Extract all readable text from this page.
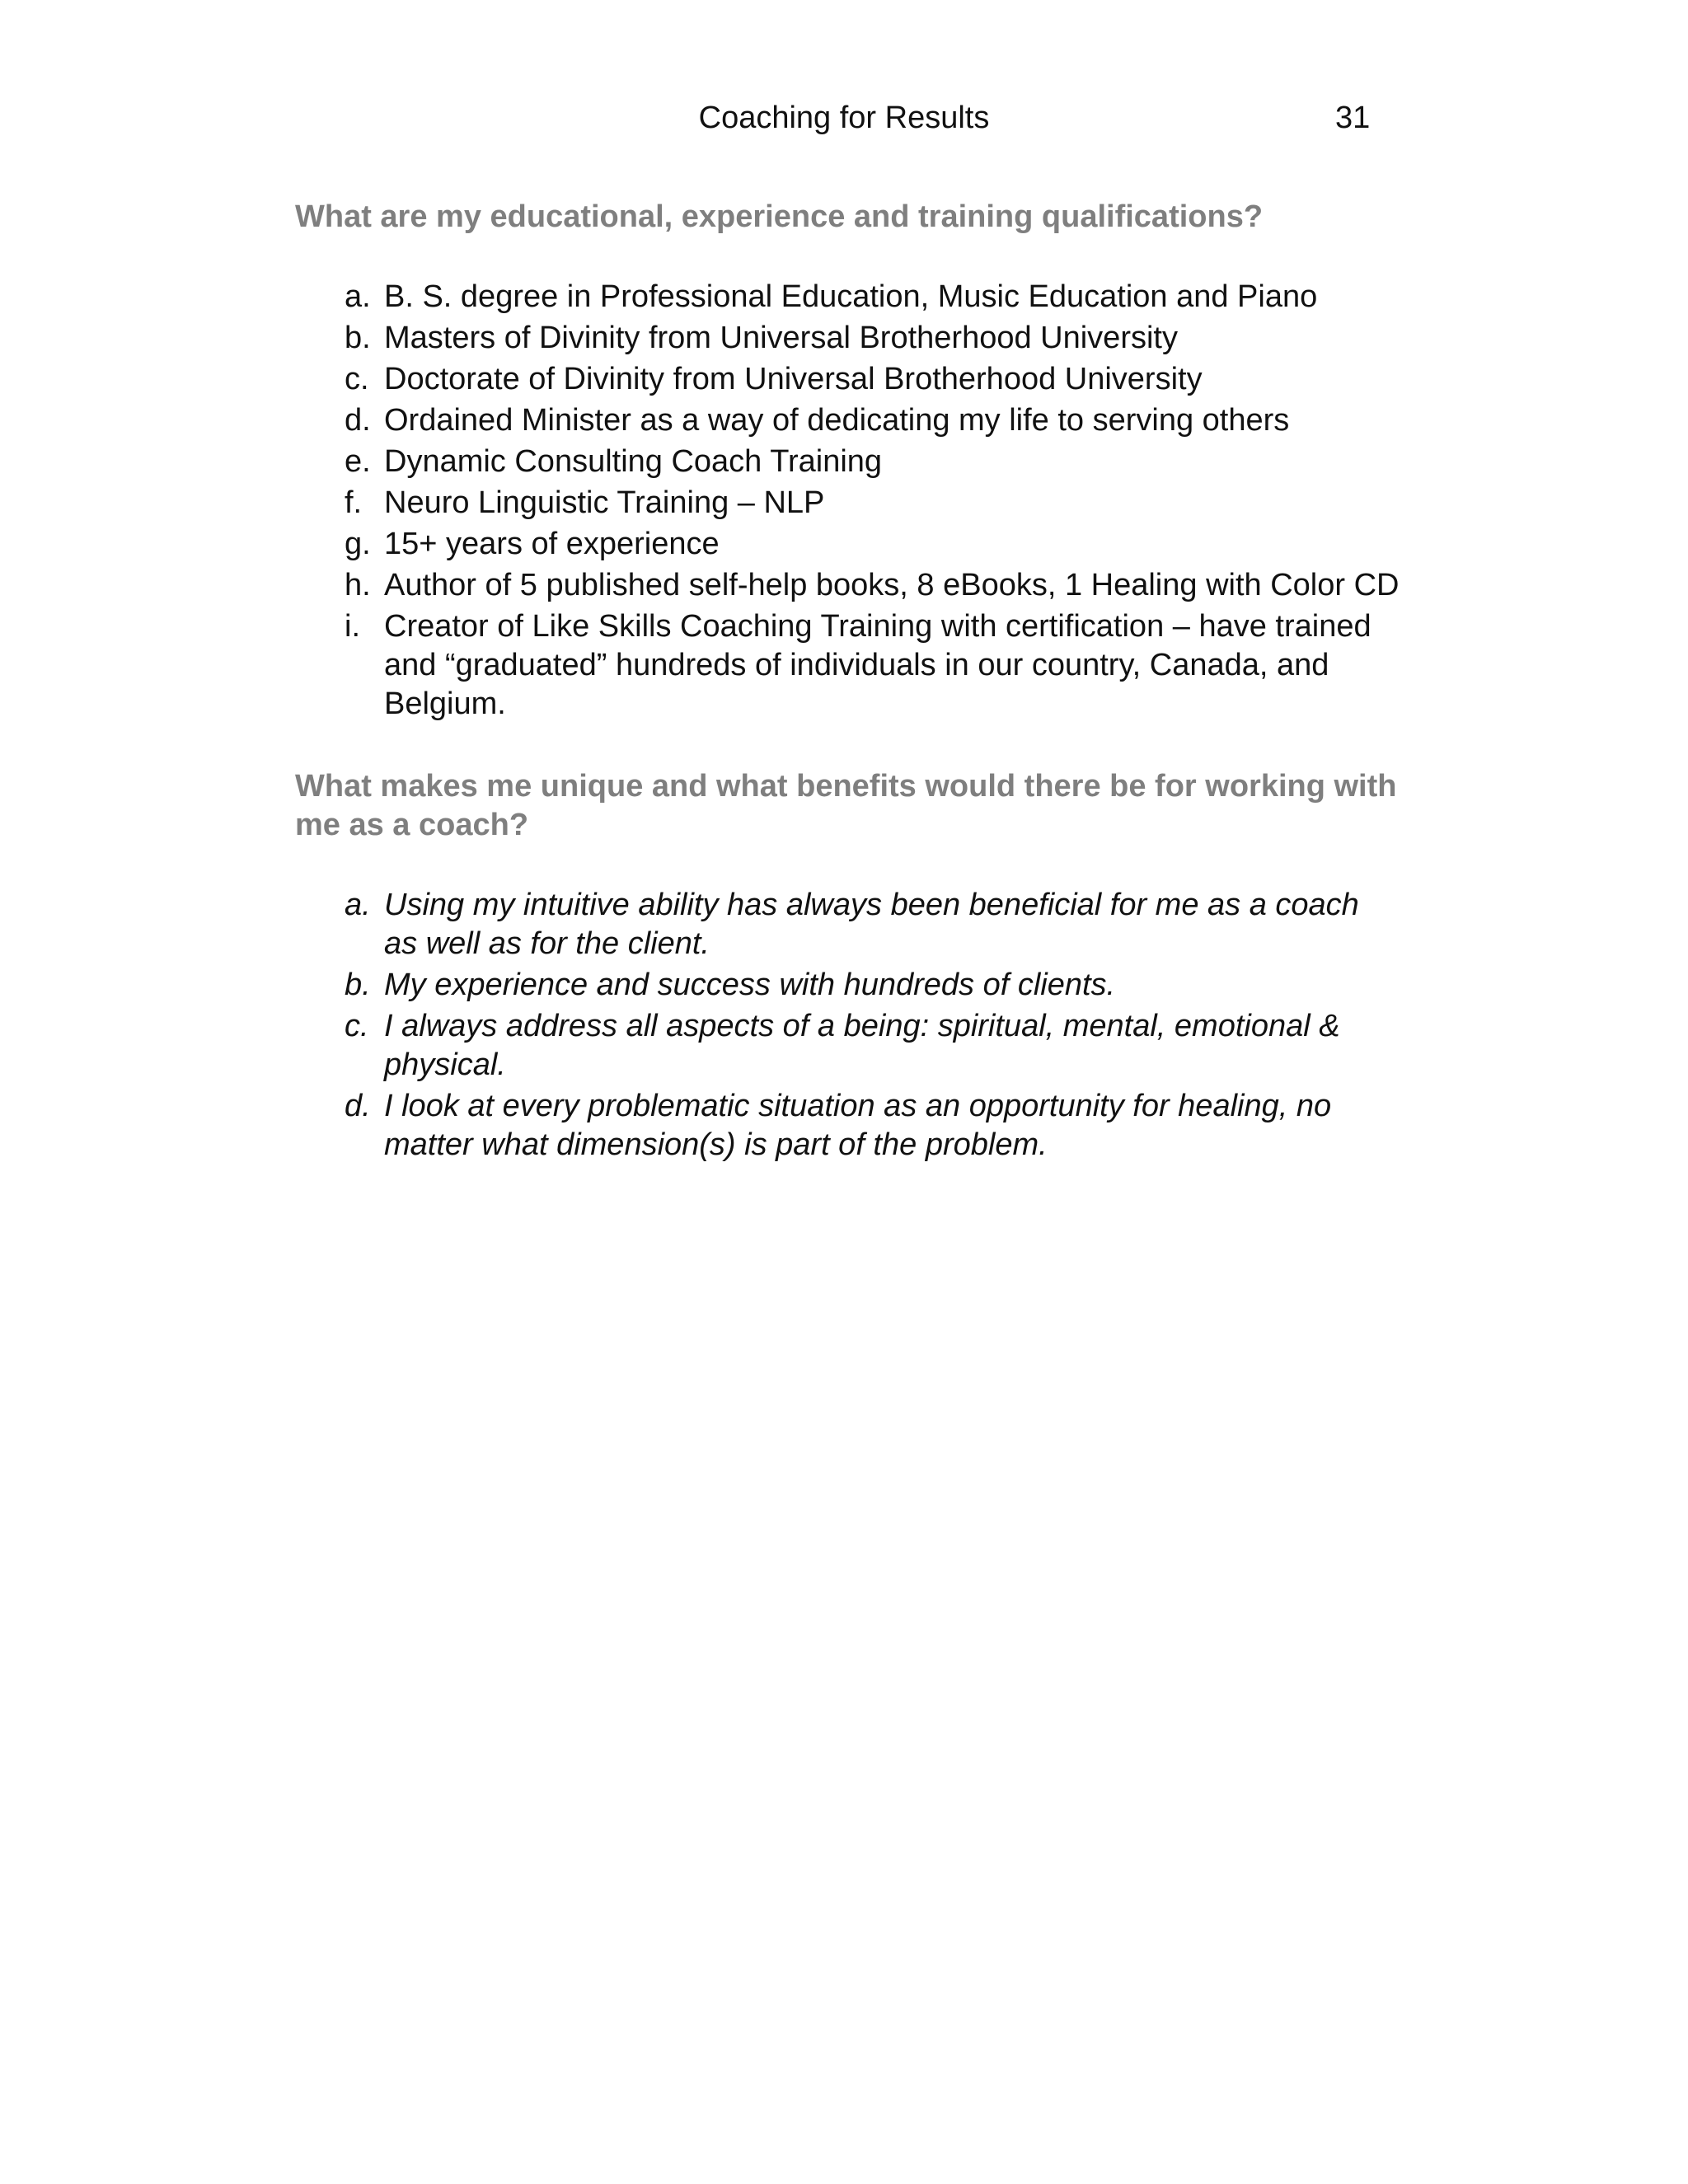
Coaching for Results	31
What are my educational, experience and training qualifications?
a. B. S. degree in Professional Education, Music Education and Piano
b. Masters of Divinity from Universal Brotherhood University
c. Doctorate of Divinity from Universal Brotherhood University
d. Ordained Minister as a way of dedicating my life to serving others
e. Dynamic Consulting Coach Training
f. Neuro Linguistic Training – NLP
g. 15+ years of experience
h. Author of 5 published self-help books, 8 eBooks, 1 Healing with Color CD
i. Creator of Like Skills Coaching Training with certification – have trained and “graduated” hundreds of individuals in our country, Canada, and Belgium.
What makes me unique and what benefits would there be for working with me as a coach?
a. Using my intuitive ability has always been beneficial for me as a coach as well as for the client.
b. My experience and success with hundreds of clients.
c. I always address all aspects of a being: spiritual, mental, emotional & physical.
d. I look at every problematic situation as an opportunity for healing, no matter what dimension(s) is part of the problem.
